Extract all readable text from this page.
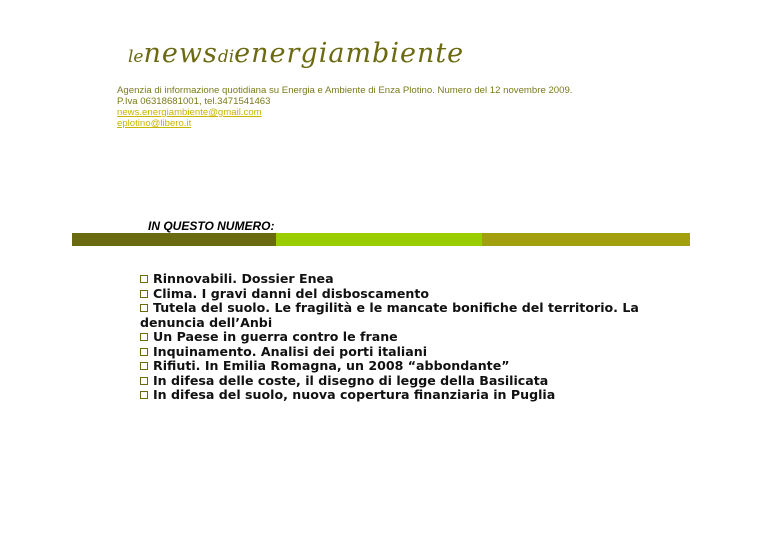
lenewsdienergiambiente
Agenzia di informazione quotidiana su Energia e Ambiente di Enza Plotino. Numero del 12 novembre 2009.
P.Iva 06318681001, tel.3471541463
news.energiambiente@gmail.com
eplotino@libero.it
IN QUESTO NUMERO:
Rinnovabili. Dossier Enea
Clima. I gravi danni del disboscamento
Tutela del suolo. Le fragilità e le mancate bonifiche del territorio. La
denuncia dell’Anbi
Un Paese in guerra contro le frane
Inquinamento. Analisi dei porti italiani
Rifiuti. In Emilia Romagna, un 2008 “abbondante”
In difesa delle coste, il disegno di legge della Basilicata
In difesa del suolo, nuova copertura finanziaria in Puglia
